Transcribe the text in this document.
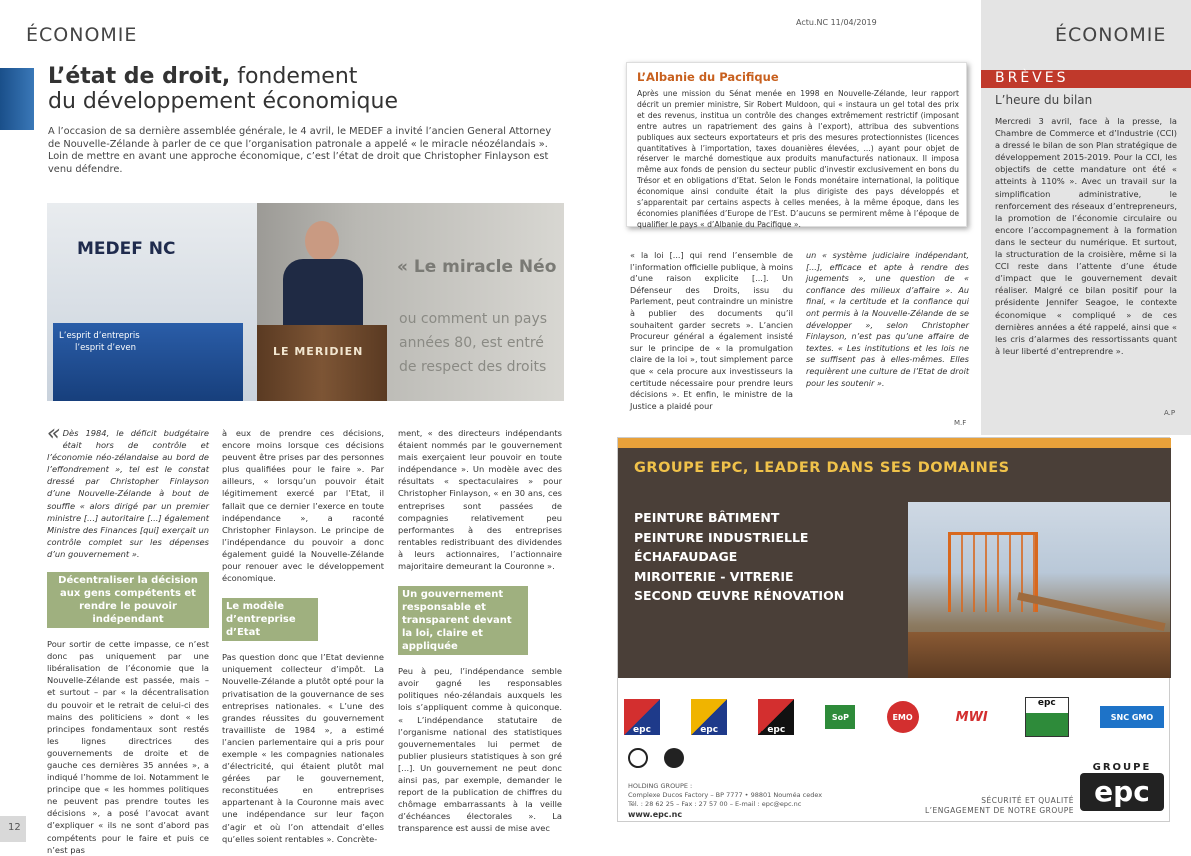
ÉCONOMIE
L’état de droit, fondement
du développement économique
A l’occasion de sa dernière assemblée générale, le 4 avril, le MEDEF a invité l’ancien General Attorney de Nouvelle-Zélande à parler de ce que l’organisation patronale a appelé « le miracle néozélandais ». Loin de mettre en avant une approche économique, c’est l’état de droit que Christopher Finlayson est venu défendre.
MEDEF NC
L’esprit d’entrepris
l’esprit d’even	LE MERIDIEN
« Le miracle Néo
ou comment un pays
années 80, est entré
de respect des droits
« Dès 1984, le déficit budgétaire était hors de contrôle et l’économie néo-zélandaise au bord de l’effondrement », tel est le constat dressé par Christopher Finlayson d’une Nouvelle-Zélande à bout de souffle « alors dirigé par un premier ministre [...] autoritaire [...] également Ministre des Finances [qui] exerçait un contrôle complet sur les dépenses d’un gouvernement ».
Décentraliser la décision aux gens compétents et rendre le pouvoir indépendant
Pour sortir de cette impasse, ce n’est donc pas uniquement par une libéralisation de l’économie que la Nouvelle-Zélande est passée, mais – et surtout – par « la décentralisation du pouvoir et le retrait de celui-ci des mains des politiciens » dont « les principes fondamentaux sont restés les lignes directrices des gouvernements de droite et de gauche ces dernières 35 années », a indiqué l’homme de loi. Notamment le principe que « les hommes politiques ne peuvent pas prendre toutes les décisions », a posé l’avocat avant d’expliquer « ils ne sont d’abord pas compétents pour le faire et puis ce n’est pas
à eux de prendre ces décisions, encore moins lorsque ces décisions peuvent être prises par des personnes plus qualifiées pour le faire ». Par ailleurs, « lorsqu’un pouvoir était légitimement exercé par l’Etat, il fallait que ce dernier l’exerce en toute indépendance », a raconté Christopher Finlayson. Le principe de l’indépendance du pouvoir a donc également guidé la Nouvelle-Zélande pour renouer avec le développement économique.
Le modèle d’entreprise d’Etat
Pas question donc que l’Etat devienne uniquement collecteur d’impôt. La Nouvelle-Zélande a plutôt opté pour la privatisation de la gouvernance de ses entreprises nationales. « L’une des grandes réussites du gouvernement travailliste de 1984 », a estimé l’ancien parlementaire qui a pris pour exemple « les compagnies nationales d’électricité, qui étaient plutôt mal gérées par le gouvernement, reconstituées en entreprises appartenant à la Couronne mais avec une indépendance sur leur façon d’agir et où l’on attendait d’elles qu’elles soient rentables ». Concrète-
ment, « des directeurs indépendants étaient nommés par le gouvernement mais exerçaient leur pouvoir en toute indépendance ». Un modèle avec des résultats « spectaculaires » pour Christopher Finlayson, « en 30 ans, ces entreprises sont passées de compagnies relativement peu performantes à des entreprises rentables redistribuant des dividendes à leurs actionnaires, l’actionnaire majoritaire demeurant la Couronne ».
Un gouvernement responsable et transparent devant la loi, claire et appliquée
Peu à peu, l’indépendance semble avoir gagné les responsables politiques néo-zélandais auxquels les lois s’appliquent comme à quiconque. « L’indépendance statutaire de l’organisme national des statistiques gouvernementales lui permet de publier plusieurs statistiques à son gré [...]. Un gouvernement ne peut donc ainsi pas, par exemple, demander le report de la publication de chiffres du chômage embarrassants à la veille d’échéances électorales ». La transparence est aussi de mise avec
12
Actu.NC 11/04/2019
ÉCONOMIE
BRÈVES
L’heure du bilan
Mercredi 3 avril, face à la presse, la Chambre de Commerce et d’Industrie (CCI) a dressé le bilan de son Plan stratégique de développement 2015-2019. Pour la CCI, les objectifs de cette mandature ont été « atteints à 110% ». Avec un travail sur la simplification administrative, le renforcement des réseaux d’entrepreneurs, la promotion de l’économie circulaire ou encore l’accompagnement à la formation dans le secteur du numérique. Et surtout, la structuration de la croisière, même si la CCI reste dans l’attente d’une étude d’impact que le gouvernement devait réaliser. Malgré ce bilan positif pour la présidente Jennifer Seagoe, le contexte économique « compliqué » de ces dernières années a été rappelé, ainsi que « les cris d’alarmes des ressortissants quant à leur liberté d’entreprendre ».
A.P
L’Albanie du Pacifique
Après une mission du Sénat menée en 1998 en Nouvelle-Zélande, leur rapport décrit un premier ministre, Sir Robert Muldoon, qui « instaura un gel total des prix et des revenus, institua un contrôle des changes extrêmement restrictif (imposant entre autres un rapatriement des gains à l’export), attribua des subventions publiques aux secteurs exportateurs et pris des mesures protectionnistes (licences quantitatives à l’importation, taxes douanières élevées, ...) ayant pour objet de réserver le marché domestique aux produits manufacturés nationaux. Il imposa même aux fonds de pension du secteur public d’investir exclusivement en bons du Trésor et en obligations d’Etat. Selon le Fonds monétaire international, la politique économique ainsi conduite était la plus dirigiste des pays développés et s’apparentait par certains aspects à celles menées, à la même époque, dans les économies planifiées d’Europe de l’Est. D’aucuns se permirent même à l’époque de qualifier le pays « d’Albanie du Pacifique ».
« la loi [...] qui rend l’ensemble de l’information officielle publique, à moins d’une raison explicite [...]. Un Défenseur des Droits, issu du Parlement, peut contraindre un ministre à publier des documents qu’il souhaitent garder secrets ». L’ancien Procureur général a également insisté sur le principe de « la promulgation claire de la loi », tout simplement parce que « cela procure aux investisseurs la certitude nécessaire pour prendre leurs décisions ». Et enfin, le ministre de la Justice a plaidé pour
un « système judiciaire indépendant, [...], efficace et apte à rendre des jugements », une question de « confiance des milieux d’affaire ». Au final, « la certitude et la confiance qui ont permis à la Nouvelle-Zélande de se développer », selon Christopher Finlayson, n’est pas qu’une affaire de textes. « Les institutions et les lois ne se suffisent pas à elles-mêmes. Elles requièrent une culture de l’Etat de droit pour les soutenir ».
M.F
GROUPE EPC, LEADER DANS SES DOMAINES
PEINTURE BÂTIMENT
PEINTURE INDUSTRIELLE
ÉCHAFAUDAGE
MIROITERIE - VITRERIE
SECOND ŒUVRE RÉNOVATION
epc	epc	epc
SoP	EMO	MWI
epc
SNC GMO
HOLDING GROUPE :
Complexe Ducos Factory – BP 7777 • 98801 Nouméa cedex
Tél. : 28 62 25 – Fax : 27 57 00 – E-mail : epc@epc.nc
www.epc.nc
SÉCURITÉ ET QUALITÉ
L’ENGAGEMENT DE NOTRE GROUPE
GROUPE
epc
